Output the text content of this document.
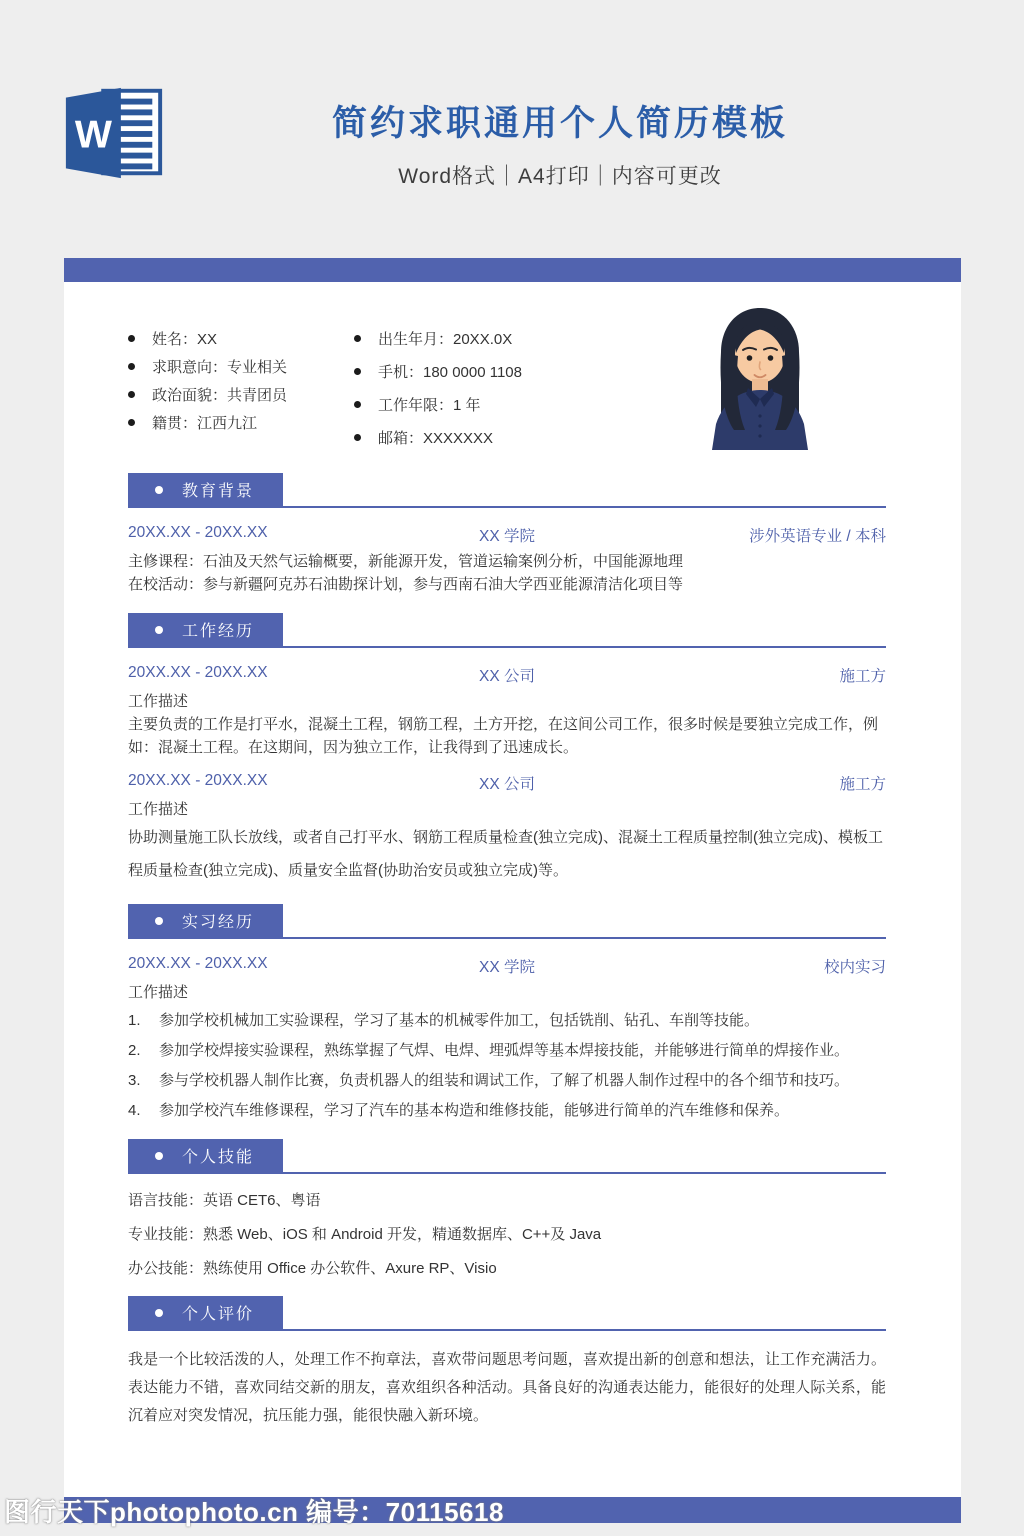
W	简约求职通用个人简历模板

Word格式｜A4打印｜内容可更改

姓名：XX
求职意向：专业相关
政治面貌：共青团员
籍贯：江西九江
出生年月：20XX.0X
手机：180 0000 1108
工作年限：1 年
邮箱：XXXXXXX
教育背景
20XX.XX - 20XX.XX	XX 学院	涉外英语专业 / 本科

主修课程：石油及天然气运输概要，新能源开发，管道运输案例分析，中国能源地理

在校活动：参与新疆阿克苏石油勘探计划，参与西南石油大学西亚能源清洁化项目等

工作经历
20XX.XX - 20XX.XX	XX 公司	施工方

工作描述

主要负责的工作是打平水，混凝土工程，钢筋工程，土方开挖，在这间公司工作，很多时候是要独立完成工作，例如：混凝土工程。在这期间，因为独立工作，让我得到了迅速成长。

20XX.XX - 20XX.XX	XX 公司	施工方

工作描述

协助测量施工队长放线，或者自己打平水、钢筋工程质量检查(独立完成)、混凝土工程质量控制(独立完成)、模板工程质量检查(独立完成)、质量安全监督(协助治安员或独立完成)等。

实习经历
20XX.XX - 20XX.XX	XX 学院	校内实习

工作描述

1.	参加学校机械加工实验课程，学习了基本的机械零件加工，包括铣削、钻孔、车削等技能。
2.	参加学校焊接实验课程，熟练掌握了气焊、电焊、埋弧焊等基本焊接技能，并能够进行简单的焊接作业。
3.	参与学校机器人制作比赛，负责机器人的组装和调试工作，了解了机器人制作过程中的各个细节和技巧。
4.	参加学校汽车维修课程，学习了汽车的基本构造和维修技能，能够进行简单的汽车维修和保养。
个人技能

语言技能：英语 CET6、粤语

专业技能：熟悉 Web、iOS 和 Android 开发，精通数据库、C++及 Java

办公技能：熟练使用 Office 办公软件、Axure RP、Visio

个人评价

我是一个比较活泼的人，处理工作不拘章法，喜欢带问题思考问题，喜欢提出新的创意和想法，让工作充满活力。表达能力不错，喜欢同结交新的朋友，喜欢组织各种活动。具备良好的沟通表达能力，能很好的处理人际关系，能沉着应对突发情况，抗压能力强，能很快融入新环境。

图行天下photophoto.cn 编号：70115618
